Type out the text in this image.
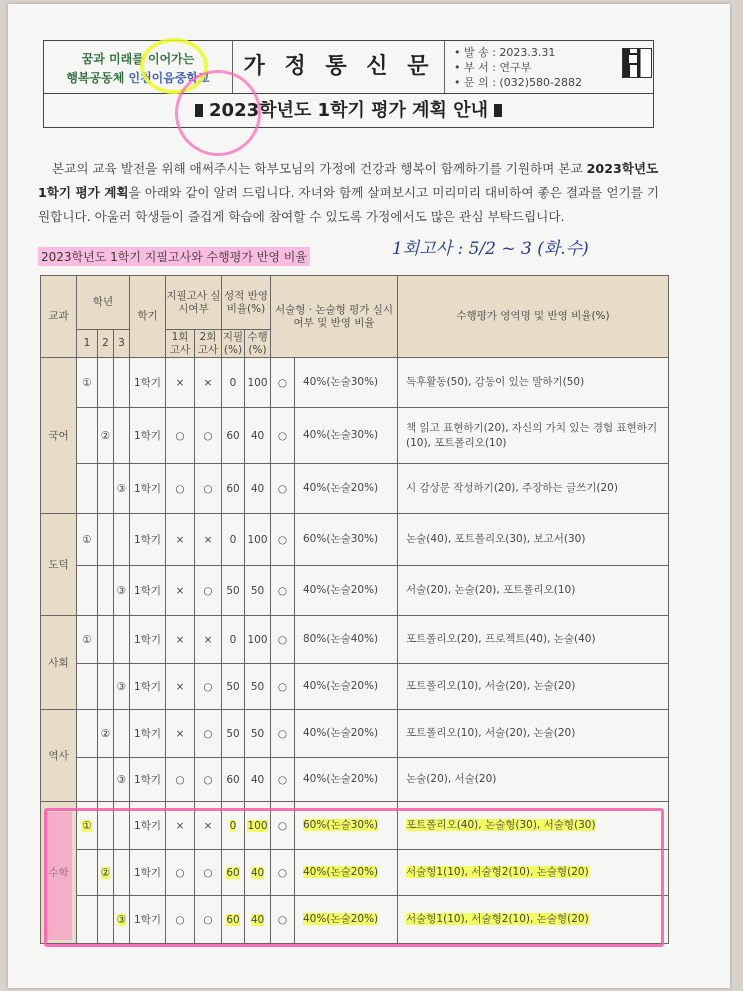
꿈과 미래를 이어가는
행복공동체 인천이음중학교	가 정 통 신 문
• 발 송 : 2023.3.31
• 부 서 : 연구부
• 문 의 : (032)580-2882
2023학년도 1학기 평가 계획 안내
본교의 교육 발전을 위해 애써주시는 학부모님의 가정에 건강과 행복이 함께하기를 기원하며 본교 2023학년도 1학기 평가 계획을 아래와 같이 알려 드립니다. 자녀와 함께 살펴보시고 미리미리 대비하여 좋은 결과를 얻기를 기원합니다. 아울러 학생들이 즐겁게 학습에 참여할 수 있도록 가정에서도 많은 관심 부탁드립니다.
2023학년도 1학기 지필고사와 수행평가 반영 비율	1회고사 : 5/2 ~ 3 (화.수)
교과	학년			학기	지필고사 실시여부		성적 반영 비율(%)		서술형 · 논술형 평가 실시 여부 및 반영 비율		수행평가 영역명 및 반영 비율(%)
	1	2	3		1회 고사	2회 고사	지필 (%)	수행 (%)			
국어	①			1학기	×	×	0	100	○	40%(논술30%)	독후활동(50), 감동이 있는 말하기(50)
		②		1학기	○	○	60	40	○	40%(논술30%)	책 읽고 표현하기(20), 자신의 가치 있는 경험 표현하기(10), 포트폴리오(10)
			③	1학기	○	○	60	40	○	40%(논술20%)	시 감상문 작성하기(20), 주장하는 글쓰기(20)
도덕	①			1학기	×	×	0	100	○	60%(논술30%)	논술(40), 포트폴리오(30), 보고서(30)
			③	1학기	×	○	50	50	○	40%(논술20%)	서술(20), 논술(20), 포트폴리오(10)
사회	①			1학기	×	×	0	100	○	80%(논술40%)	포트폴리오(20), 프로젝트(40), 논술(40)
			③	1학기	×	○	50	50	○	40%(논술20%)	포트폴리오(10), 서술(20), 논술(20)
역사		②		1학기	×	○	50	50	○	40%(논술20%)	포트폴리오(10), 서술(20), 논술(20)
			③	1학기	○	○	60	40	○	40%(논술20%)	논술(20), 서술(20)
수학	①			1학기	×	×	0	100	○	60%(논술30%)	포트폴리오(40), 논술형(30), 서술형(30)
		②		1학기	○	○	60	40	○	40%(논술20%)	서술형1(10), 서술형2(10), 논술형(20)
			③	1학기	○	○	60	40	○	40%(논술20%)	서술형1(10), 서술형2(10), 논술형(20)
